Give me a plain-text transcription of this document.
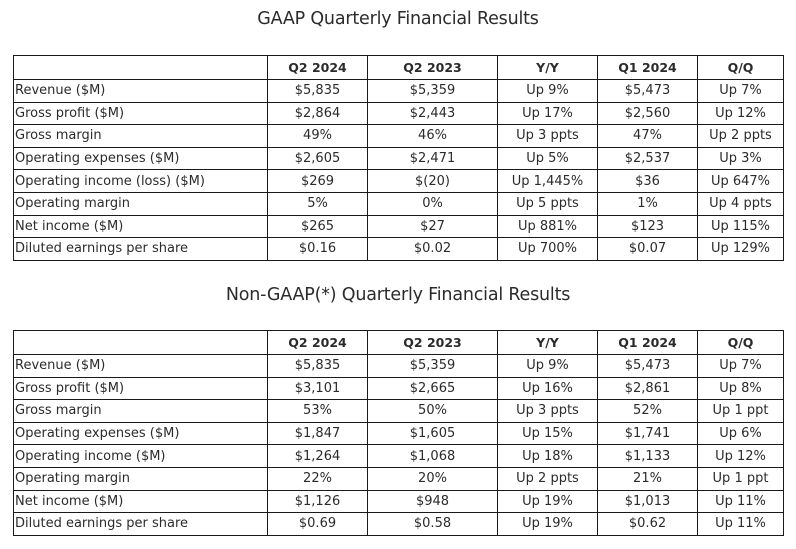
GAAP Quarterly Financial Results
	Q2 2024	Q2 2023	Y/Y	Q1 2024	Q/Q
Revenue ($M)	$5,835	$5,359	Up 9%	$5,473	Up 7%
Gross profit ($M)	$2,864	$2,443	Up 17%	$2,560	Up 12%
Gross margin	49%	46%	Up 3 ppts	47%	Up 2 ppts
Operating expenses ($M)	$2,605	$2,471	Up 5%	$2,537	Up 3%
Operating income (loss) ($M)	$269	$(20)	Up 1,445%	$36	Up 647%
Operating margin	5%	0%	Up 5 ppts	1%	Up 4 ppts
Net income ($M)	$265	$27	Up 881%	$123	Up 115%
Diluted earnings per share	$0.16	$0.02	Up 700%	$0.07	Up 129%
Non-GAAP(*) Quarterly Financial Results
	Q2 2024	Q2 2023	Y/Y	Q1 2024	Q/Q
Revenue ($M)	$5,835	$5,359	Up 9%	$5,473	Up 7%
Gross profit ($M)	$3,101	$2,665	Up 16%	$2,861	Up 8%
Gross margin	53%	50%	Up 3 ppts	52%	Up 1 ppt
Operating expenses ($M)	$1,847	$1,605	Up 15%	$1,741	Up 6%
Operating income ($M)	$1,264	$1,068	Up 18%	$1,133	Up 12%
Operating margin	22%	20%	Up 2 ppts	21%	Up 1 ppt
Net income ($M)	$1,126	$948	Up 19%	$1,013	Up 11%
Diluted earnings per share	$0.69	$0.58	Up 19%	$0.62	Up 11%
